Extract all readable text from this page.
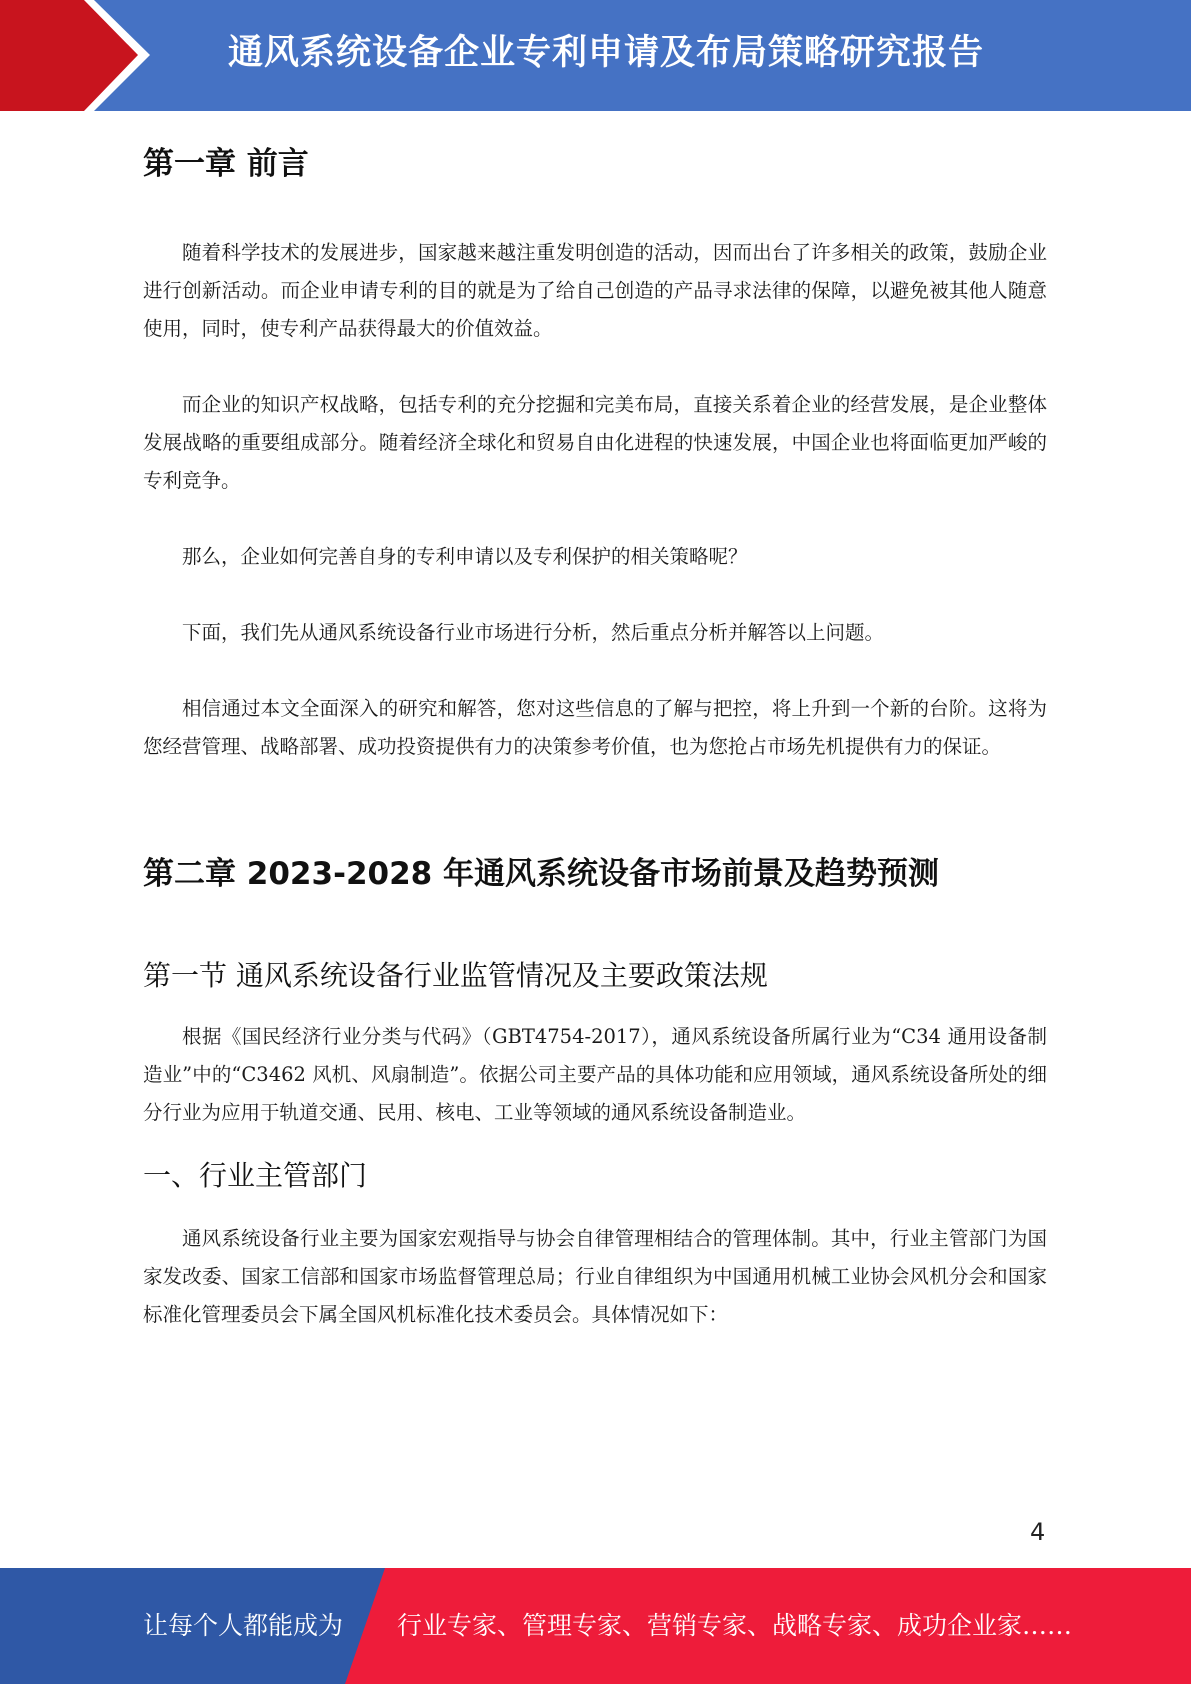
通风系统设备企业专利申请及布局策略研究报告
第一章 前言

随着科学技术的发展进步，国家越来越注重发明创造的活动，因而出台了许多相关的政策，鼓励企业进行创新活动。而企业申请专利的目的就是为了给自己创造的产品寻求法律的保障，以避免被其他人随意使用，同时，使专利产品获得最大的价值效益。

而企业的知识产权战略，包括专利的充分挖掘和完美布局，直接关系着企业的经营发展，是企业整体发展战略的重要组成部分。随着经济全球化和贸易自由化进程的快速发展，中国企业也将面临更加严峻的专利竞争。

那么，企业如何完善自身的专利申请以及专利保护的相关策略呢？

下面，我们先从通风系统设备行业市场进行分析，然后重点分析并解答以上问题。

相信通过本文全面深入的研究和解答，您对这些信息的了解与把控，将上升到一个新的台阶。这将为您经营管理、战略部署、成功投资提供有力的决策参考价值，也为您抢占市场先机提供有力的保证。

第二章 2023-2028 年通风系统设备市场前景及趋势预测
第一节 通风系统设备行业监管情况及主要政策法规

根据《国民经济行业分类与代码》（GBT4754-2017），通风系统设备所属行业为“C34 通用设备制造业”中的“C3462 风机、风扇制造”。依据公司主要产品的具体功能和应用领域，通风系统设备所处的细分行业为应用于轨道交通、民用、核电、工业等领域的通风系统设备制造业。

一、行业主管部门

通风系统设备行业主要为国家宏观指导与协会自律管理相结合的管理体制。其中，行业主管部门为国家发改委、国家工信部和国家市场监督管理总局；行业自律组织为中国通用机械工业协会风机分会和国家标准化管理委员会下属全国风机标准化技术委员会。具体情况如下：

4
让每个人都能成为 行业专家、管理专家、营销专家、战略专家、成功企业家……
